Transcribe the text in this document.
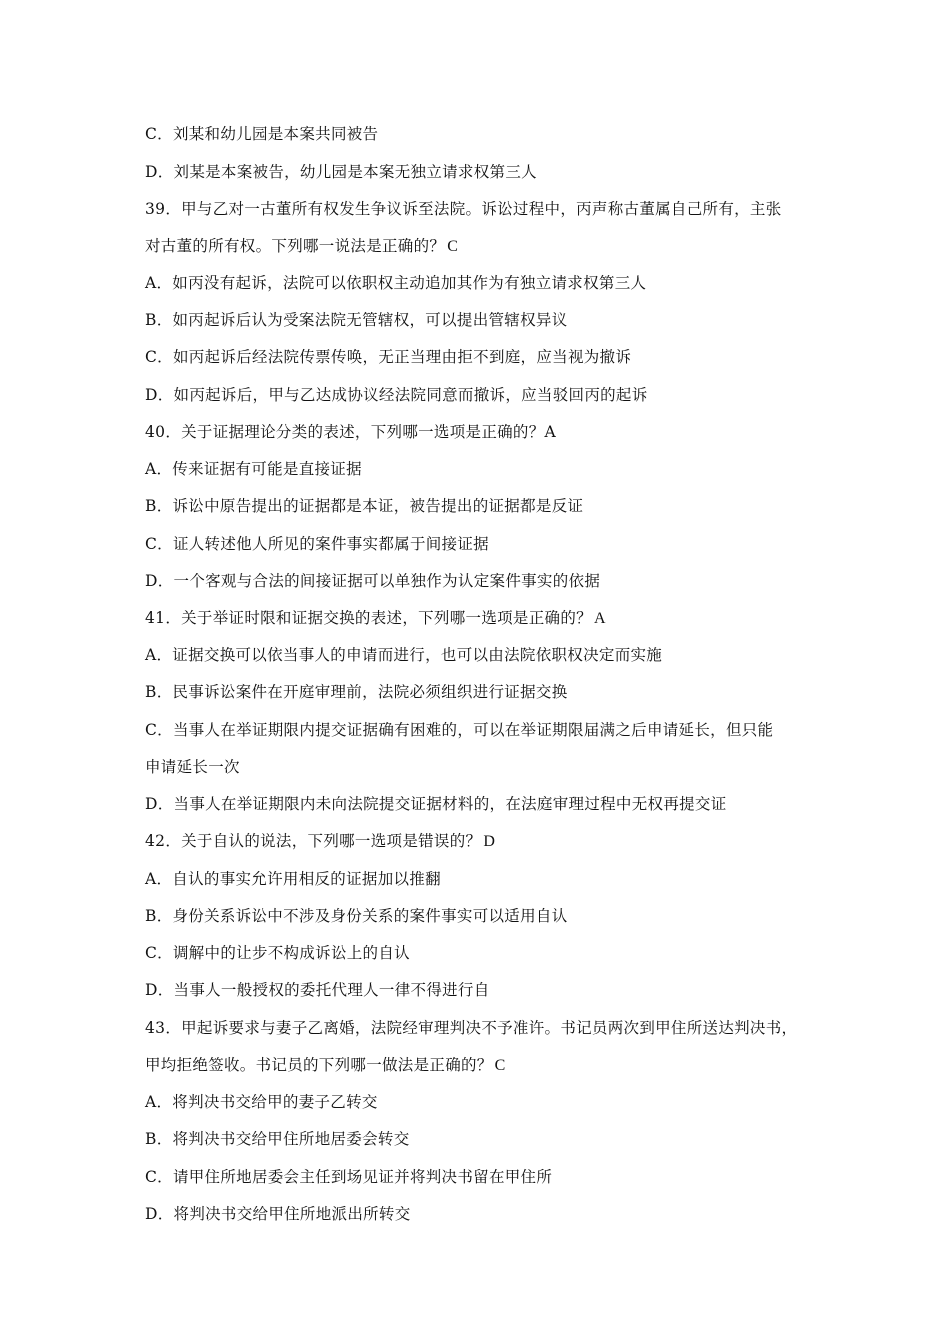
C．刘某和幼儿园是本案共同被告
D．刘某是本案被告，幼儿园是本案无独立请求权第三人
39．甲与乙对一古董所有权发生争议诉至法院。诉讼过程中，丙声称古董属自己所有，主张
对古董的所有权。下列哪一说法是正确的？ C
A．如丙没有起诉，法院可以依职权主动追加其作为有独立请求权第三人
B．如丙起诉后认为受案法院无管辖权，可以提出管辖权异议
C．如丙起诉后经法院传票传唤，无正当理由拒不到庭，应当视为撤诉
D．如丙起诉后，甲与乙达成协议经法院同意而撤诉，应当驳回丙的起诉
40．关于证据理论分类的表述，下列哪一选项是正确的？A
A．传来证据有可能是直接证据
B．诉讼中原告提出的证据都是本证，被告提出的证据都是反证
C．证人转述他人所见的案件事实都属于间接证据
D．一个客观与合法的间接证据可以单独作为认定案件事实的依据
41．关于举证时限和证据交换的表述，下列哪一选项是正确的？ A
A．证据交换可以依当事人的申请而进行，也可以由法院依职权决定而实施
B．民事诉讼案件在开庭审理前，法院必须组织进行证据交换
C．当事人在举证期限内提交证据确有困难的，可以在举证期限届满之后申请延长，但只能
申请延长一次
D．当事人在举证期限内未向法院提交证据材料的，在法庭审理过程中无权再提交证
42．关于自认的说法，下列哪一选项是错误的？ D
A．自认的事实允许用相反的证据加以推翻
B．身份关系诉讼中不涉及身份关系的案件事实可以适用自认
C．调解中的让步不构成诉讼上的自认
D．当事人一般授权的委托代理人一律不得进行自
43．甲起诉要求与妻子乙离婚，法院经审理判决不予准许。书记员两次到甲住所送达判决书，
甲均拒绝签收。书记员的下列哪一做法是正确的？ C
A．将判决书交给甲的妻子乙转交
B．将判决书交给甲住所地居委会转交
C．请甲住所地居委会主任到场见证并将判决书留在甲住所
D．将判决书交给甲住所地派出所转交
